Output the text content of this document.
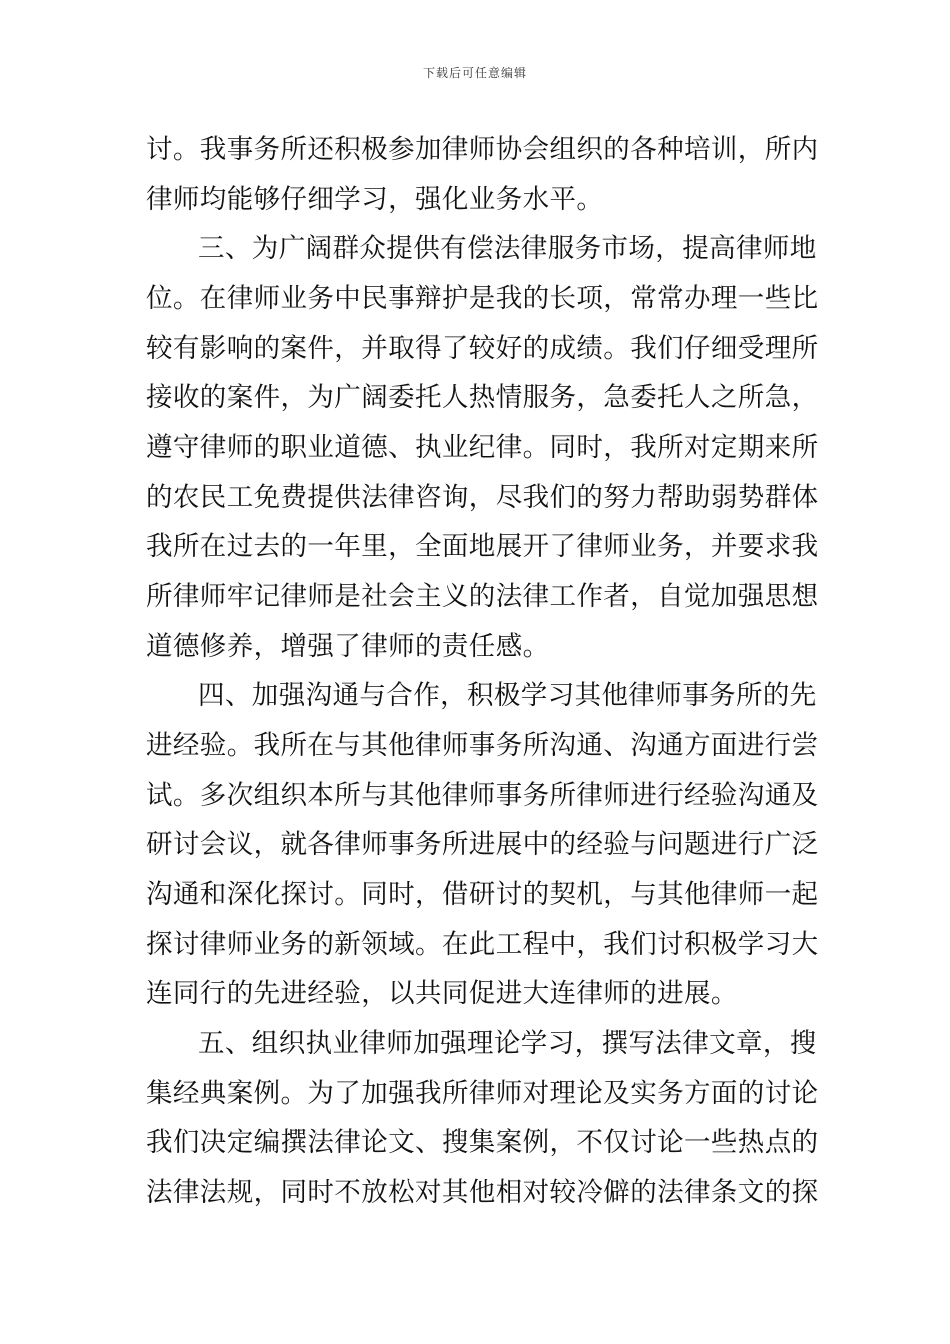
下载后可任意编辑
讨。我事务所还积极参加律师协会组织的各种培训，所内
律师均能够仔细学习，强化业务水平。
三、为广阔群众提供有偿法律服务市场，提高律师地
位。在律师业务中民事辩护是我的长项，常常办理一些比
较有影响的案件，并取得了较好的成绩。我们仔细受理所
接收的案件，为广阔委托人热情服务，急委托人之所急，
遵守律师的职业道德、执业纪律。同时，我所对定期来所
的农民工免费提供法律咨询，尽我们的努力帮助弱势群体
我所在过去的一年里，全面地展开了律师业务，并要求我
所律师牢记律师是社会主义的法律工作者，自觉加强思想
道德修养，增强了律师的责任感。
四、加强沟通与合作，积极学习其他律师事务所的先
进经验。我所在与其他律师事务所沟通、沟通方面进行尝
试。多次组织本所与其他律师事务所律师进行经验沟通及
研讨会议，就各律师事务所进展中的经验与问题进行广泛
沟通和深化探讨。同时，借研讨的契机，与其他律师一起
探讨律师业务的新领域。在此工程中，我们讨积极学习大
连同行的先进经验，以共同促进大连律师的进展。
五、组织执业律师加强理论学习，撰写法律文章，搜
集经典案例。为了加强我所律师对理论及实务方面的讨论
我们决定编撰法律论文、搜集案例，不仅讨论一些热点的
法律法规，同时不放松对其他相对较冷僻的法律条文的探
